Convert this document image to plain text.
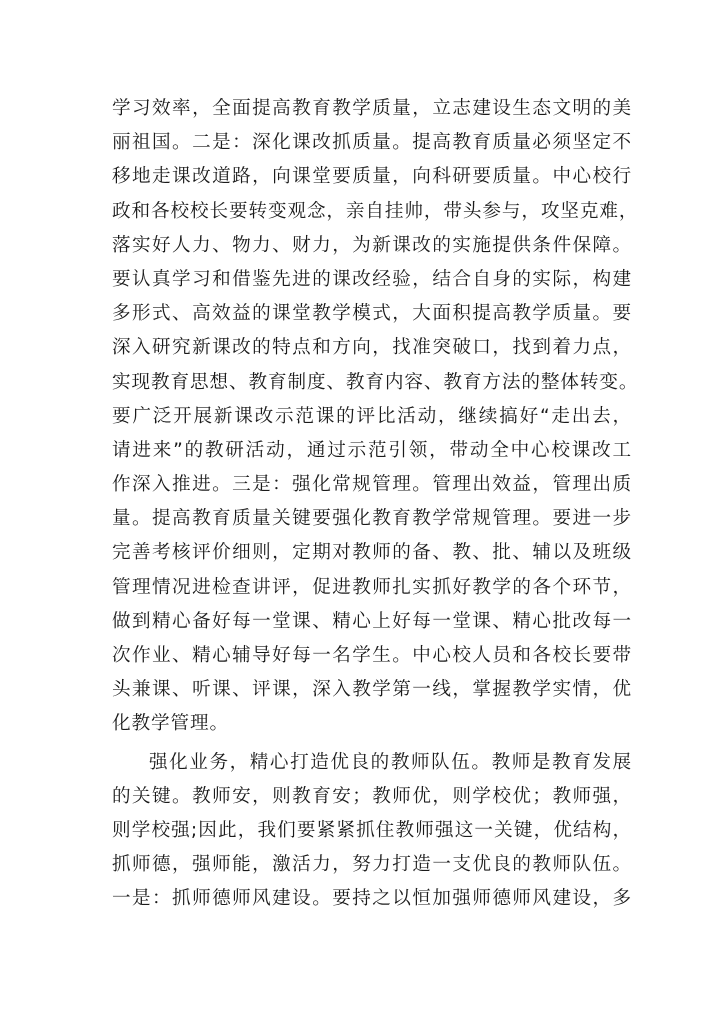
学习效率，全面提高教育教学质量，立志建设生态文明的美
丽祖国。二是：深化课改抓质量。提高教育质量必须坚定不
移地走课改道路，向课堂要质量，向科研要质量。中心校行
政和各校校长要转变观念，亲自挂帅，带头参与，攻坚克难，
落实好人力、物力、财力，为新课改的实施提供条件保障。
要认真学习和借鉴先进的课改经验，结合自身的实际，构建
多形式、高效益的课堂教学模式，大面积提高教学质量。要
深入研究新课改的特点和方向，找准突破口，找到着力点，
实现教育思想、教育制度、教育内容、教育方法的整体转变。
要广泛开展新课改示范课的评比活动，继续搞好“走出去，
请进来”的教研活动，通过示范引领，带动全中心校课改工
作深入推进。三是：强化常规管理。管理出效益，管理出质
量。提高教育质量关键要强化教育教学常规管理。要进一步
完善考核评价细则，定期对教师的备、教、批、辅以及班级
管理情况进检查讲评，促进教师扎实抓好教学的各个环节，
做到精心备好每一堂课、精心上好每一堂课、精心批改每一
次作业、精心辅导好每一名学生。中心校人员和各校长要带
头兼课、听课、评课，深入教学第一线，掌握教学实情，优
化教学管理。
强化业务，精心打造优良的教师队伍。教师是教育发展
的关键。教师安，则教育安；教师优，则学校优；教师强，
则学校强;因此，我们要紧紧抓住教师强这一关键，优结构，
抓师德，强师能，激活力，努力打造一支优良的教师队伍。
一是：抓师德师风建设。要持之以恒加强师德师风建设，多
